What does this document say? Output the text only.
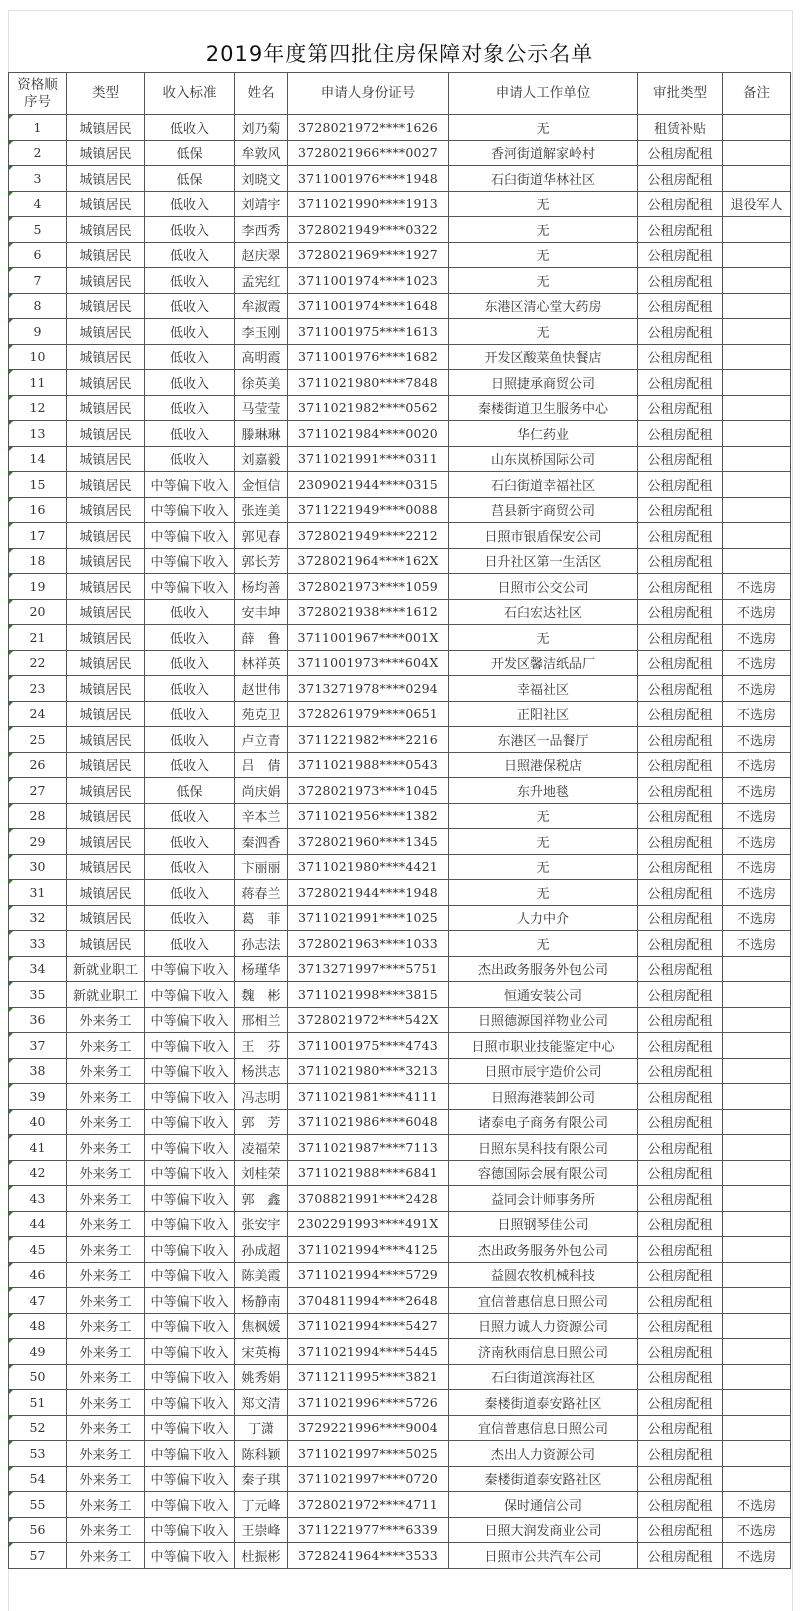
2019年度第四批住房保障对象公示名单
资格顺序号	类型	收入标准	姓名	申请人身份证号	申请人工作单位	审批类型	备注
1	城镇居民	低收入	刘乃菊	3728021972****1626	无	租赁补贴	
2	城镇居民	低保	牟敦风	3728021966****0027	香河街道解家岭村	公租房配租	
3	城镇居民	低保	刘晓文	3711001976****1948	石臼街道华林社区	公租房配租	
4	城镇居民	低收入	刘靖宇	3711021990****1913	无	公租房配租	退役军人
5	城镇居民	低收入	李西秀	3728021949****0322	无	公租房配租	
6	城镇居民	低收入	赵庆翠	3728021969****1927	无	公租房配租	
7	城镇居民	低收入	孟宪红	3711001974****1023	无	公租房配租	
8	城镇居民	低收入	牟淑霞	3711001974****1648	东港区清心堂大药房	公租房配租	
9	城镇居民	低收入	李玉刚	3711001975****1613	无	公租房配租	
10	城镇居民	低收入	高明霞	3711001976****1682	开发区酸菜鱼快餐店	公租房配租	
11	城镇居民	低收入	徐英美	3711021980****7848	日照捷承商贸公司	公租房配租	
12	城镇居民	低收入	马莹莹	3711021982****0562	秦楼街道卫生服务中心	公租房配租	
13	城镇居民	低收入	滕琳琳	3711021984****0020	华仁药业	公租房配租	
14	城镇居民	低收入	刘嘉毅	3711021991****0311	山东岚桥国际公司	公租房配租	
15	城镇居民	中等偏下收入	金恒信	2309021944****0315	石臼街道幸福社区	公租房配租	
16	城镇居民	中等偏下收入	张连美	3711221949****0088	莒县新宇商贸公司	公租房配租	
17	城镇居民	中等偏下收入	郭见春	3728021949****2212	日照市银盾保安公司	公租房配租	
18	城镇居民	中等偏下收入	郭长芳	3728021964****162X	日升社区第一生活区	公租房配租	
19	城镇居民	中等偏下收入	杨均善	3728021973****1059	日照市公交公司	公租房配租	不选房
20	城镇居民	低收入	安丰坤	3728021938****1612	石臼宏达社区	公租房配租	不选房
21	城镇居民	低收入	薛　鲁	3711001967****001X	无	公租房配租	不选房
22	城镇居民	低收入	林祥英	3711001973****604X	开发区馨洁纸品厂	公租房配租	不选房
23	城镇居民	低收入	赵世伟	3713271978****0294	幸福社区	公租房配租	不选房
24	城镇居民	低收入	苑克卫	3728261979****0651	正阳社区	公租房配租	不选房
25	城镇居民	低收入	卢立青	3711221982****2216	东港区一品餐厅	公租房配租	不选房
26	城镇居民	低收入	吕　倩	3711021988****0543	日照港保税店	公租房配租	不选房
27	城镇居民	低保	尚庆娟	3728021973****1045	东升地毯	公租房配租	不选房
28	城镇居民	低收入	辛本兰	3711021956****1382	无	公租房配租	不选房
29	城镇居民	低收入	秦泗香	3728021960****1345	无	公租房配租	不选房
30	城镇居民	低收入	卞丽丽	3711021980****4421	无	公租房配租	不选房
31	城镇居民	低收入	蒋春兰	3728021944****1948	无	公租房配租	不选房
32	城镇居民	低收入	葛　菲	3711021991****1025	人力中介	公租房配租	不选房
33	城镇居民	低收入	孙志法	3728021963****1033	无	公租房配租	不选房
34	新就业职工	中等偏下收入	杨瑾华	3713271997****5751	杰出政务服务外包公司	公租房配租	
35	新就业职工	中等偏下收入	魏　彬	3711021998****3815	恒通安装公司	公租房配租	
36	外来务工	中等偏下收入	邢相兰	3728021972****542X	日照德源国祥物业公司	公租房配租	
37	外来务工	中等偏下收入	王　芬	3711001975****4743	日照市职业技能鉴定中心	公租房配租	
38	外来务工	中等偏下收入	杨洪志	3711021980****3213	日照市辰宇造价公司	公租房配租	
39	外来务工	中等偏下收入	冯志明	3711021981****4111	日照海港装卸公司	公租房配租	
40	外来务工	中等偏下收入	郭　芳	3711021986****6048	诸泰电子商务有限公司	公租房配租	
41	外来务工	中等偏下收入	凌福荣	3711021987****7113	日照东昊科技有限公司	公租房配租	
42	外来务工	中等偏下收入	刘桂荣	3711021988****6841	容德国际会展有限公司	公租房配租	
43	外来务工	中等偏下收入	郭　鑫	3708821991****2428	益同会计师事务所	公租房配租	
44	外来务工	中等偏下收入	张安宇	2302291993****491X	日照钢琴佳公司	公租房配租	
45	外来务工	中等偏下收入	孙成超	3711021994****4125	杰出政务服务外包公司	公租房配租	
46	外来务工	中等偏下收入	陈美霞	3711021994****5729	益圆农牧机械科技	公租房配租	
47	外来务工	中等偏下收入	杨静南	3704811994****2648	宜信普惠信息日照公司	公租房配租	
48	外来务工	中等偏下收入	焦枫媛	3711021994****5427	日照力诚人力资源公司	公租房配租	
49	外来务工	中等偏下收入	宋英梅	3711021994****5445	济南秋雨信息日照公司	公租房配租	
50	外来务工	中等偏下收入	姚秀娟	3711211995****3821	石臼街道滨海社区	公租房配租	
51	外来务工	中等偏下收入	郑文清	3711021996****5726	秦楼街道泰安路社区	公租房配租	
52	外来务工	中等偏下收入	丁潇	3729221996****9004	宜信普惠信息日照公司	公租房配租	
53	外来务工	中等偏下收入	陈科颖	3711021997****5025	杰出人力资源公司	公租房配租	
54	外来务工	中等偏下收入	秦子琪	3711021997****0720	秦楼街道泰安路社区	公租房配租	
55	外来务工	中等偏下收入	丁元峰	3728021972****4711	保时通信公司	公租房配租	不选房
56	外来务工	中等偏下收入	王崇峰	3711221977****6339	日照大润发商业公司	公租房配租	不选房
57	外来务工	中等偏下收入	杜振彬	3728241964****3533	日照市公共汽车公司	公租房配租	不选房
